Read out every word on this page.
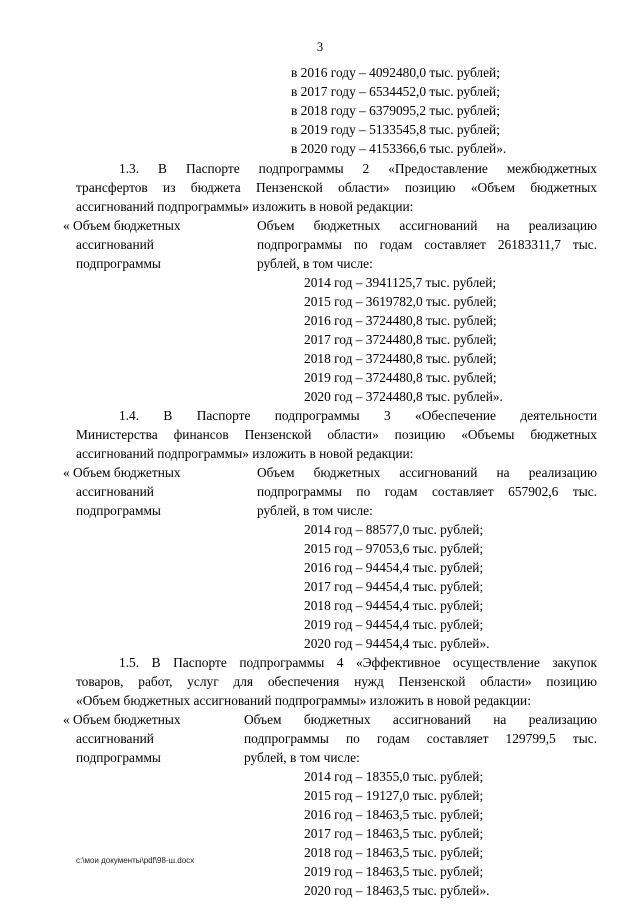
3
в 2016 году – 4092480,0 тыс. рублей;
в 2017 году – 6534452,0 тыс. рублей;
в 2018 году – 6379095,2 тыс. рублей;
в 2019 году – 5133545,8 тыс. рублей;
в 2020 году – 4153366,6 тыс. рублей».
1.3. В Паспорте подпрограммы 2 «Предоставление межбюджетных
трансфертов из бюджета Пензенской области» позицию «Объем бюджетных
ассигнований подпрограммы» изложить в новой редакции:
« Объем бюджетных
ассигнований
подпрограммы
Объем бюджетных ассигнований на реализацию
подпрограммы по годам составляет 26183311,7 тыс.
рублей, в том числе:
2014 год – 3941125,7 тыс. рублей;
2015 год – 3619782,0 тыс. рублей;
2016 год – 3724480,8 тыс. рублей;
2017 год – 3724480,8 тыс. рублей;
2018 год – 3724480,8 тыс. рублей;
2019 год – 3724480,8 тыс. рублей;
2020 год – 3724480,8 тыс. рублей».
1.4. В Паспорте подпрограммы 3 «Обеспечение деятельности
Министерства финансов Пензенской области» позицию «Объемы бюджетных
ассигнований подпрограммы» изложить в новой редакции:
« Объем бюджетных
ассигнований
подпрограммы
Объем бюджетных ассигнований на реализацию
подпрограммы по годам составляет 657902,6 тыс.
рублей, в том числе:
2014 год – 88577,0 тыс. рублей;
2015 год – 97053,6 тыс. рублей;
2016 год – 94454,4 тыс. рублей;
2017 год – 94454,4 тыс. рублей;
2018 год – 94454,4 тыс. рублей;
2019 год – 94454,4 тыс. рублей;
2020 год – 94454,4 тыс. рублей».
1.5. В Паспорте подпрограммы 4 «Эффективное осуществление закупок
товаров, работ, услуг для обеспечения нужд Пензенской области» позицию
«Объем бюджетных ассигнований подпрограммы» изложить в новой редакции:
« Объем бюджетных
ассигнований
подпрограммы
Объем бюджетных ассигнований на реализацию
подпрограммы по годам составляет 129799,5 тыс.
рублей, в том числе:
2014 год – 18355,0 тыс. рублей;
2015 год – 19127,0 тыс. рублей;
2016 год – 18463,5 тыс. рублей;
2017 год – 18463,5 тыс. рублей;
2018 год – 18463,5 тыс. рублей;
2019 год – 18463,5 тыс. рублей;
2020 год – 18463,5 тыс. рублей».
c:\мои документы\pdf\98-ш.docx
